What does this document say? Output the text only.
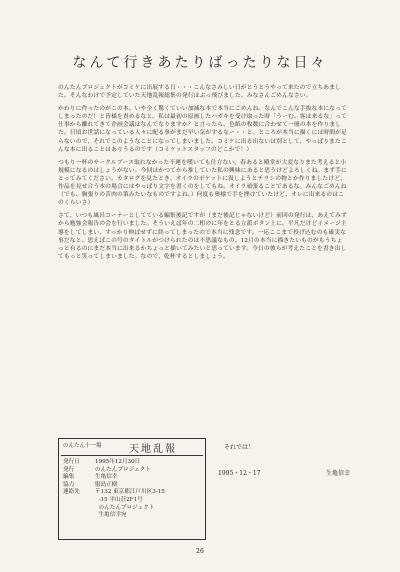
なんて行きあたりばったりな日々

のんたんプロジェクトがコミケに出展する日・・・こんなさみしい日がとうとうやって来たので立ちあました。そんなわけで予定していた天地乱報総集の発行はぶっ飛びました。みなさんごめんなさい。

かわりに作ったのがこの本。いや全く驚くていい加減な本で本当にごめんね。なんでこんな手抜な本になってしまったのだ！と皆様を責めるなと。私は最初の原画したハガキを受け取った時「うーむ。客は来るな」って仕事から離れてきて企画会議はなんでなりますか？と言ったら、色紙の枚数に合わせて一冊の本を作りました。日頃お世話になっている人々に配る事がまだ早い気がするなー・・と。ところが本当に描くには時間が足らないので、それでこのようなことになってしまいました。コミケに出る出ないは別として、やっぱりまたこんな本に出ることはありうるのです（コミケットスタッフのどこかで！）

つもり一杯のサークルブース取れなかった不運を嘆いても仕方ない。春あると殿堂が大変なりまた考えると小規模になるのはしょうがない。今回はかつてから推していた私の興味にあると思うけどよろしくね。まず手にとってみてください。カタログを見たとき、オイラのポケットに汲しようとチラシの物とか作りましたけど、作品を見せ合う本の場合にはやっぱり文字を書くのをしてもね。オイラ頑張ることであるな。みんなごめんね（でも、胸張りの苦肉の策みたいなものですよね。）何度も奥様で手を挫けていたけど、オレに出来るのはこのくらいさ）

さて、いつも風呂コーナーとしてている編集後記ですが（まだ後記じゃないけど）前回の発行は、あえてみずから勉強会報告の会を行いました。そういえば年の二桁のに年をとる立派ボタン上に。平凡だけどイメージ主導をしてしまい、すっかり伸ばせずに終ってしまったので本当に残念です。一応ここまで投げ込むのも確実な事だなと。思えばこの号のタイトルがつけられたのは不思議なもの、12月の本当に描きたいものがもうちょっと有るのにまだ本当に出来るかちょっと描いてみたいと思っています。今日の彼らが考えたことを書き出してもっと笑ってしまいました。なので、乾杯するとしましょう。

のんたん十一場	天地乱報
発行日	1995年12月30日
発行	のんたんプロジェクト
編集	生亀信幸
協力	服島正樹
連絡先	〒132 東京都江戸川区3-15
-15 平山荘2F1号
のんたんプロジェクト
生亀信幸宛
それでは！
1995・12・17	生亀信幸
26
